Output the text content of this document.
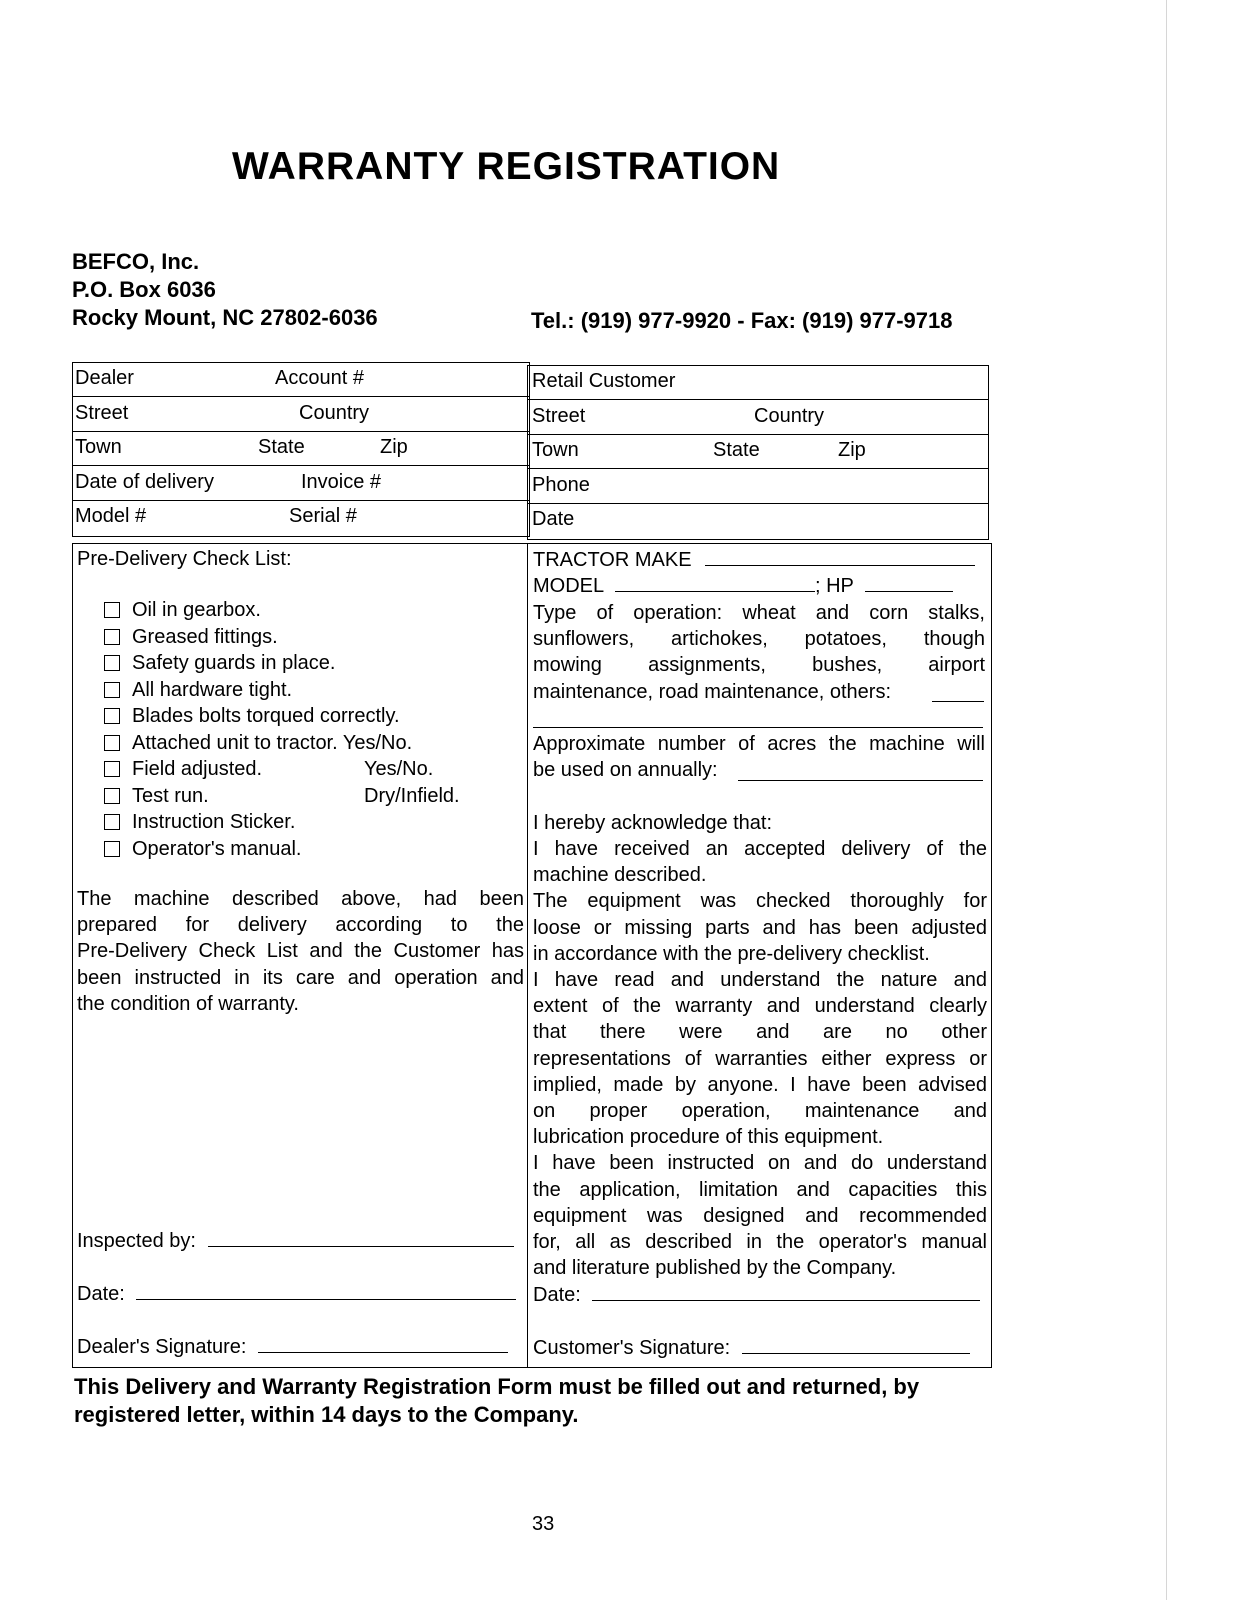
WARRANTY REGISTRATION
BEFCO, Inc.
P.O. Box 6036
Rocky Mount, NC 27802-6036	Tel.: (919) 977-9920 - Fax: (919) 977-9718
Dealer	Account #
Street	Country
Town	State	Zip
Date of delivery	Invoice #
Model #	Serial #
Retail Customer
Street	Country
Town	State	Zip
Phone
Date
Pre-Delivery Check List:
Oil in gearbox.
Greased fittings.
Safety guards in place.
All hardware tight.
Blades bolts torqued correctly.
Attached unit to tractor. Yes/No.
Field adjusted.	Yes/No.
Test run.	Dry/Infield.
Instruction Sticker.
Operator's manual.
The machine described above, had been
prepared for delivery according to the
Pre-Delivery Check List and the Customer has
been instructed in its care and operation and
the condition of warranty.
Inspected by:
Date:
Dealer's Signature:
TRACTOR MAKE
MODEL	; HP
Type of operation: wheat and corn stalks,
sunflowers, artichokes, potatoes, though
mowing assignments, bushes, airport
maintenance, road maintenance, others:
Approximate number of acres the machine will
be used on annually:
I hereby acknowledge that:
I have received an accepted delivery of the
machine described.
The equipment was checked thoroughly for
loose or missing parts and has been adjusted
in accordance with the pre-delivery checklist.
I have read and understand the nature and
extent of the warranty and understand clearly
that there were and are no other
representations of warranties either express or
implied, made by anyone. I have been advised
on proper operation, maintenance and
lubrication procedure of this equipment.
I have been instructed on and do understand
the application, limitation and capacities this
equipment was designed and recommended
for, all as described in the operator's manual
and literature published by the Company.
Date:
Customer's Signature:
This Delivery and Warranty Registration Form must be filled out and returned, by
registered letter, within 14 days to the Company.
33
